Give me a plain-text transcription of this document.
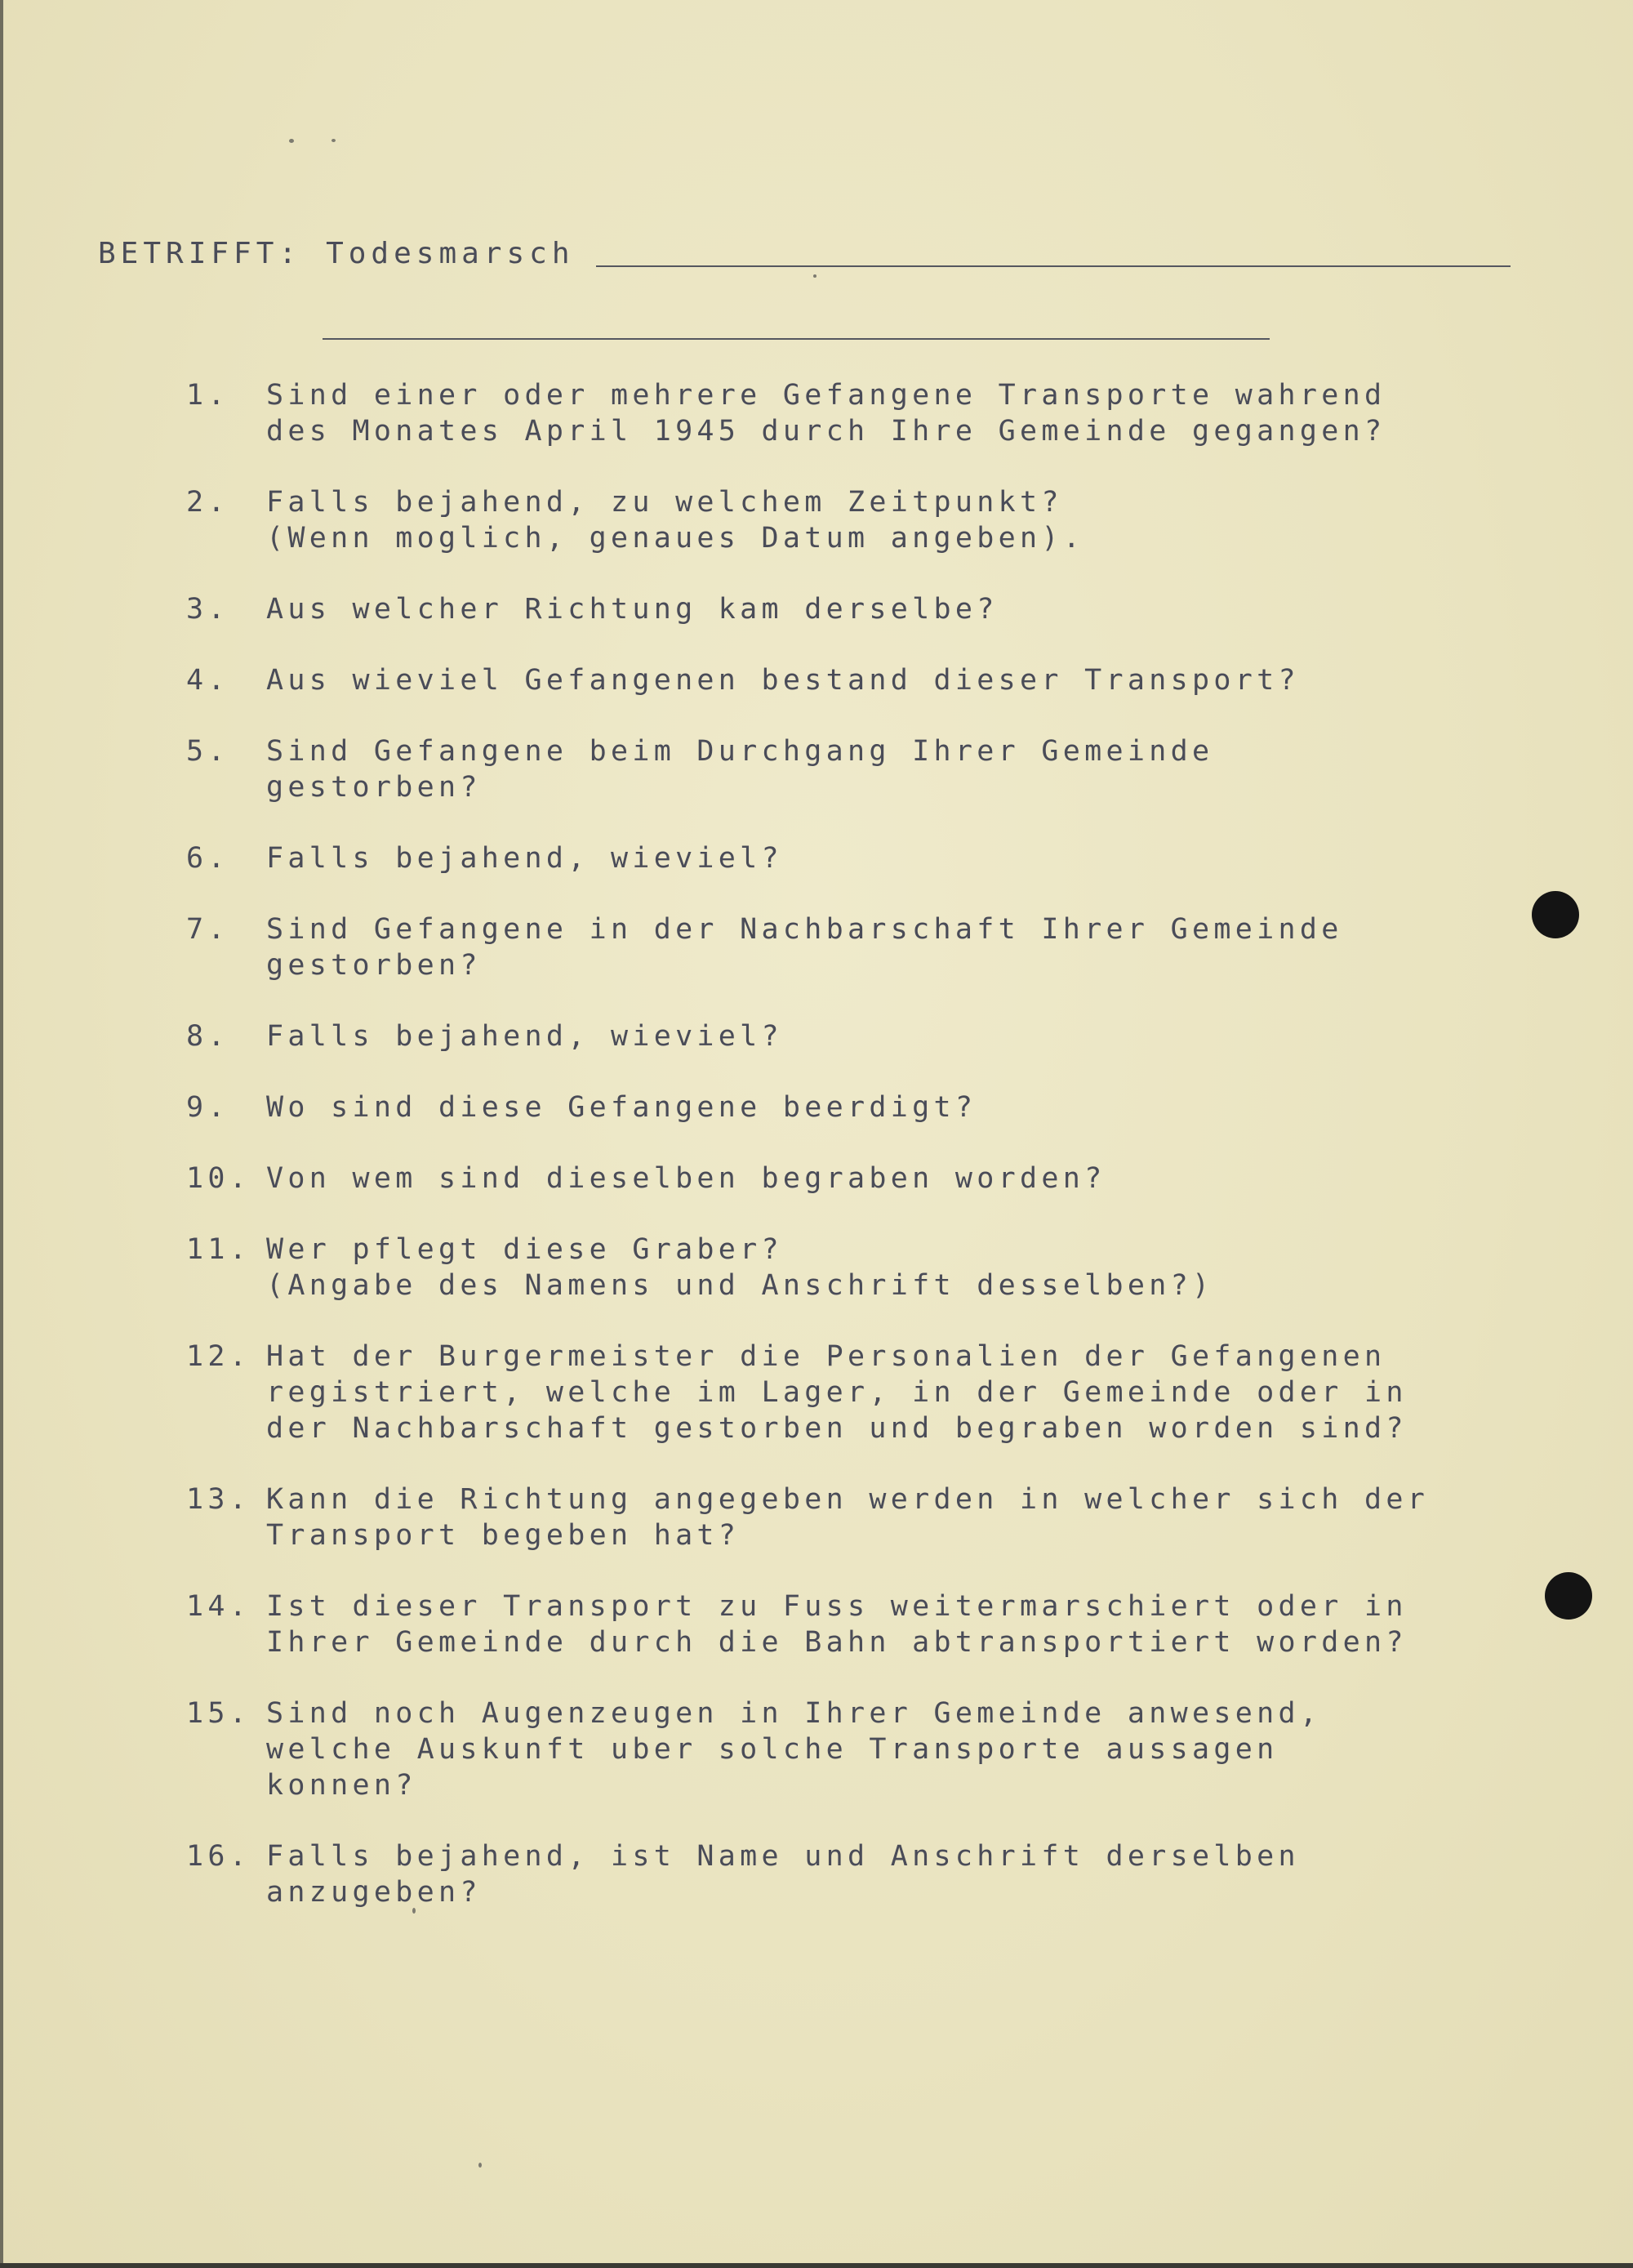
BETRIFFT: Todesmarsch
1.	Sind einer oder mehrere Gefangene Transporte wahrend
des Monates April 1945 durch Ihre Gemeinde gegangen?
2.	Falls bejahend, zu welchem Zeitpunkt?
(Wenn moglich, genaues Datum angeben).
3.	Aus welcher Richtung kam derselbe?
4.	Aus wieviel Gefangenen bestand dieser Transport?
5.	Sind Gefangene beim Durchgang Ihrer Gemeinde gestorben?
6.	Falls bejahend, wieviel?
7.	Sind Gefangene in der Nachbarschaft Ihrer Gemeinde
gestorben?
8.	Falls bejahend, wieviel?
9.	Wo sind diese Gefangene beerdigt?
10. Von wem sind dieselben begraben worden?
11. Wer pflegt diese Graber?
(Angabe des Namens und Anschrift desselben?)
12. Hat der Burgermeister die Personalien der Gefangenen
registriert, welche im Lager, in der Gemeinde oder in
der Nachbarschaft gestorben und begraben worden sind?
13. Kann die Richtung angegeben werden in welcher sich der
Transport begeben hat?
14. Ist dieser Transport zu Fuss weitermarschiert oder in
Ihrer Gemeinde durch die Bahn abtransportiert worden?
15. Sind noch Augenzeugen in Ihrer Gemeinde anwesend,
welche Auskunft uber solche Transporte aussagen konnen?
16. Falls bejahend, ist Name und Anschrift derselben
anzugeben?
